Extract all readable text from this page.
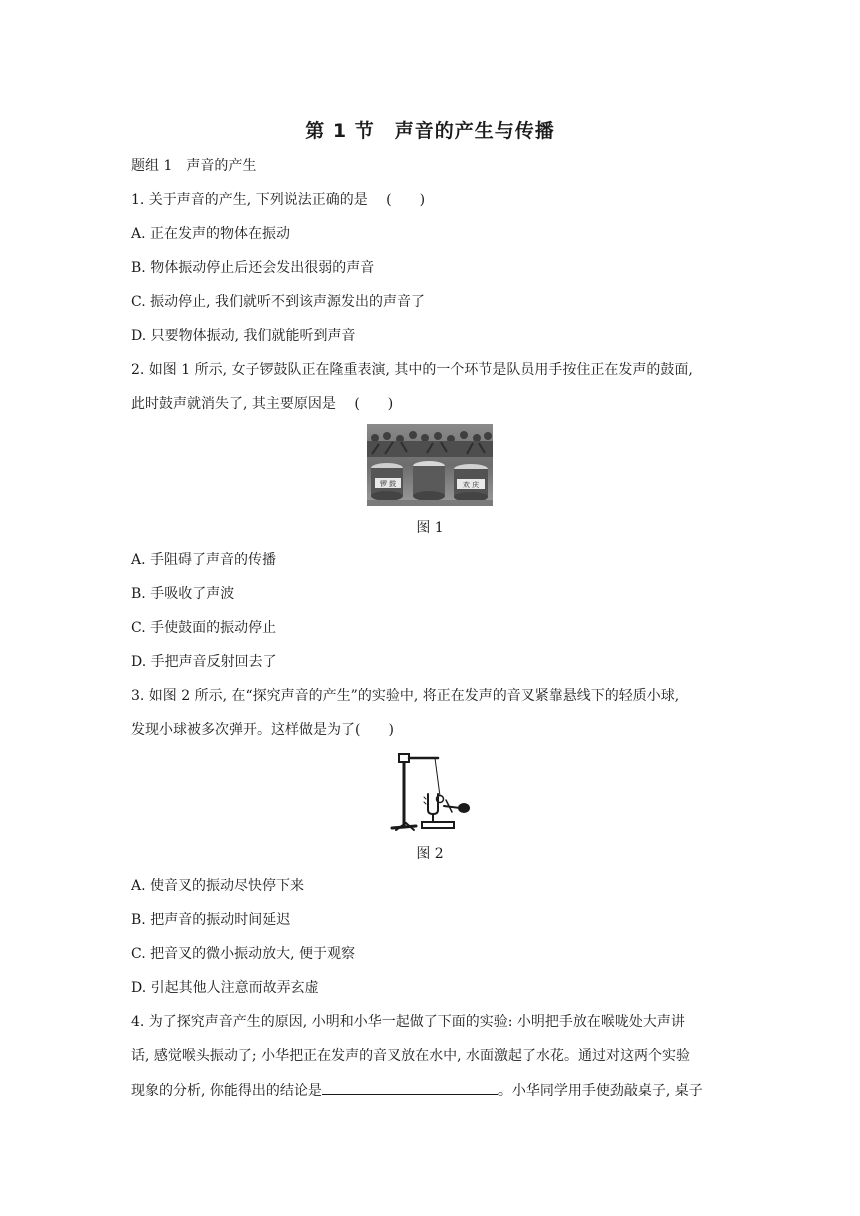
第 1 节　声音的产生与传播
题组 1　声音的产生
1. 关于声音的产生, 下列说法正确的是　 (　　)
A. 正在发声的物体在振动
B. 物体振动停止后还会发出很弱的声音
C. 振动停止, 我们就听不到该声源发出的声音了
D. 只要物体振动, 我们就能听到声音
2. 如图 1 所示, 女子锣鼓队正在隆重表演, 其中的一个环节是队员用手按住正在发声的鼓面,
此时鼓声就消失了, 其主要原因是　 (　　)
锣 鼓	欢 庆
图 1
A. 手阻碍了声音的传播
B. 手吸收了声波
C. 手使鼓面的振动停止
D. 手把声音反射回去了
3. 如图 2 所示, 在“探究声音的产生”的实验中, 将正在发声的音叉紧靠悬线下的轻质小球,
发现小球被多次弹开。这样做是为了(　　)
图 2
A. 使音叉的振动尽快停下来
B. 把声音的振动时间延迟
C. 把音叉的微小振动放大, 便于观察
D. 引起其他人注意而故弄玄虚
4. 为了探究声音产生的原因, 小明和小华一起做了下面的实验: 小明把手放在喉咙处大声讲
话, 感觉喉头振动了; 小华把正在发声的音叉放在水中, 水面激起了水花。通过对这两个实验
现象的分析, 你能得出的结论是	。小华同学用手使劲敲桌子, 桌子
